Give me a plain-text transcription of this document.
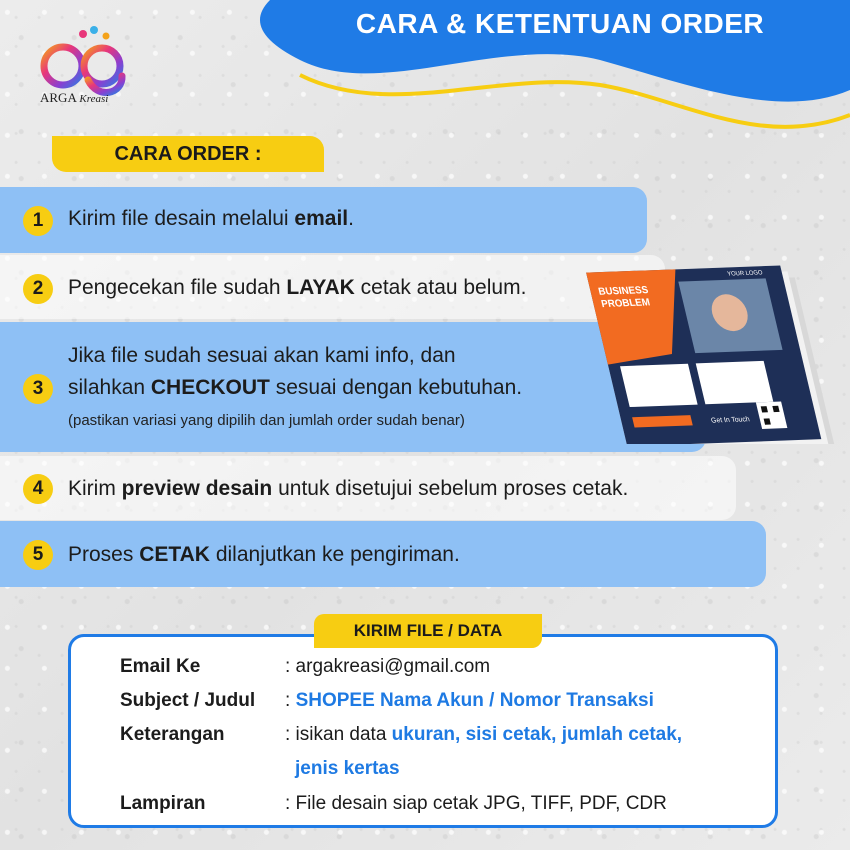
CARA & KETENTUAN ORDER
ARGA Kreasi
CARA ORDER :
BUSINESS
PROBLEM
YOUR LOGO
Get In Touch
1	Kirim file desain melalui email.
2	Pengecekan file sudah LAYAK cetak atau belum.
3
Jika file sudah sesuai akan kami info, dan
silahkan CHECKOUT sesuai dengan kebutuhan.
(pastikan variasi yang dipilih dan jumlah order sudah benar)
4	Kirim preview desain untuk disetujui sebelum proses cetak.
5	Proses CETAK dilanjutkan ke pengiriman.
KIRIM FILE / DATA
Email Ke	: argakreasi@gmail.com
Subject / Judul : SHOPEE Nama Akun / Nomor Transaksi
Keterangan	: isikan data ukuran, sisi cetak, jumlah cetak,
jenis kertas
Lampiran	: File desain siap cetak JPG, TIFF, PDF, CDR
